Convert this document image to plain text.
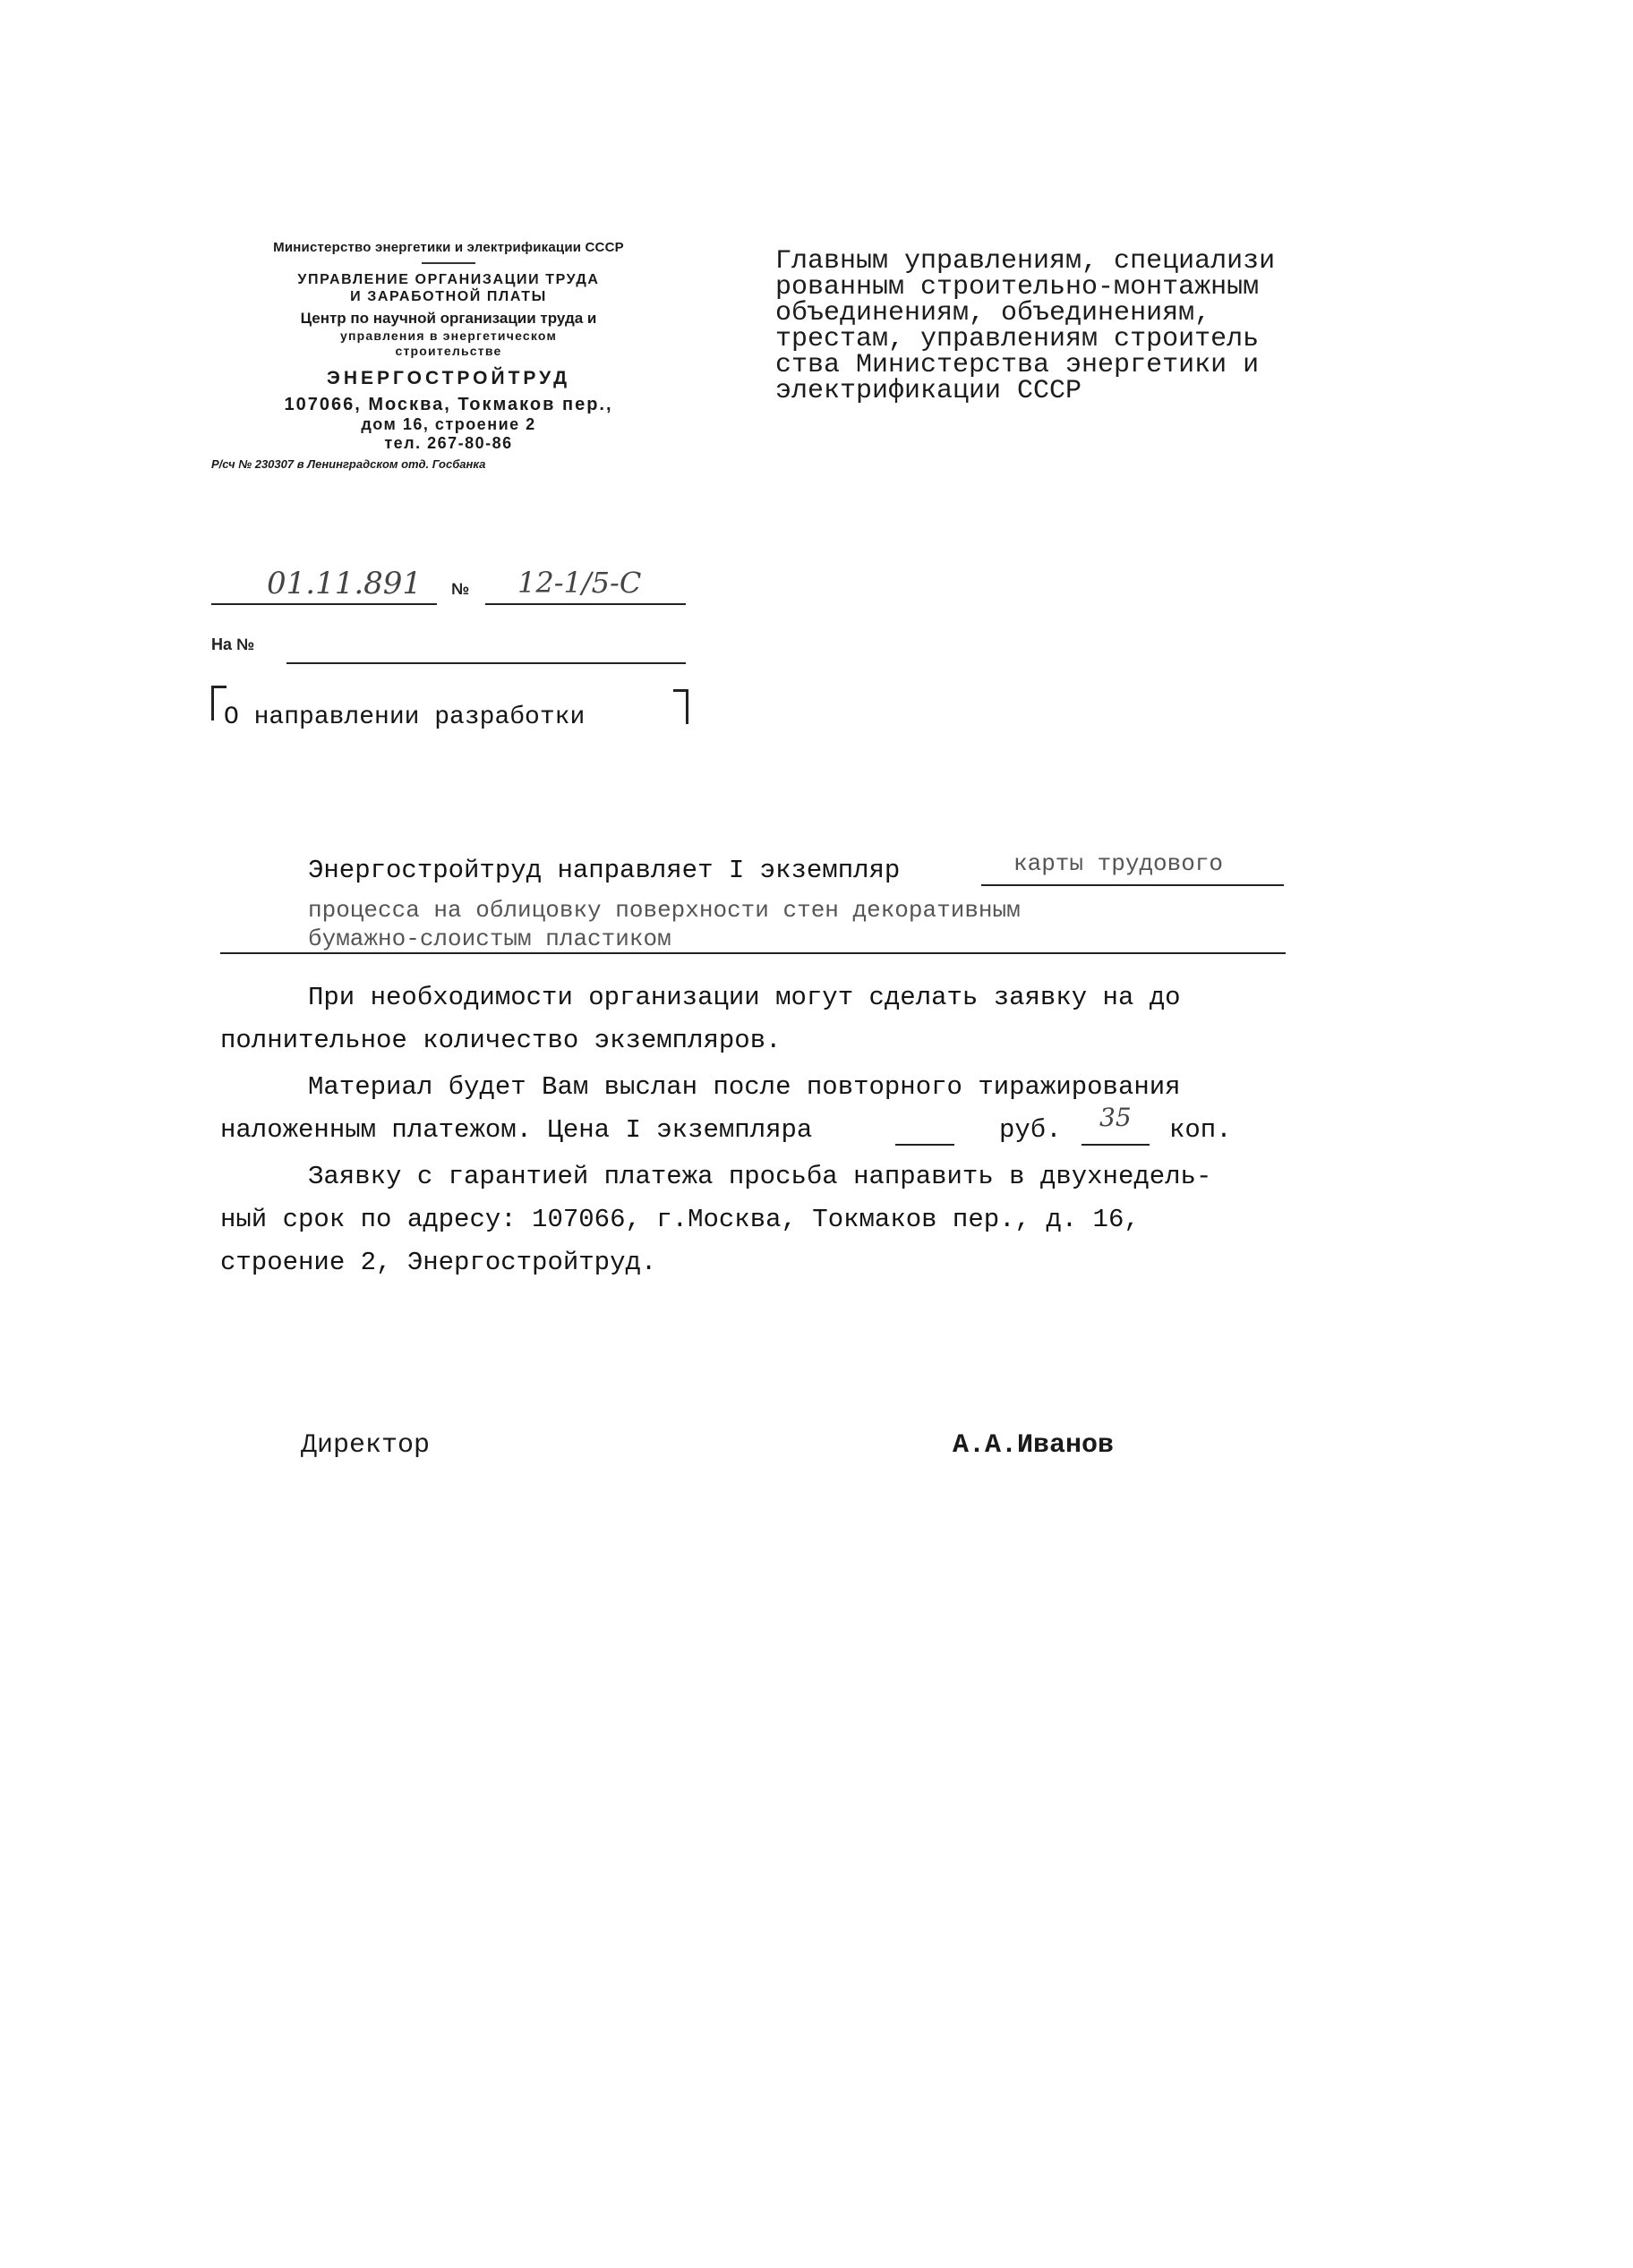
Министерство энергетики и электрификации СССР
УПРАВЛЕНИЕ ОРГАНИЗАЦИИ ТРУДА
И ЗАРАБОТНОЙ ПЛАТЫ
Центр по научной организации труда и
управления в энергетическом
строительстве
ЭНЕРГОСТРОЙТРУД
107066, Москва, Токмаков пер.,
дом 16, строение 2
тел. 267-80-86
Р/сч № 230307 в Ленинградском отд. Госбанка
01.11.891 № 12-1/5-С
На №
О направлении разработки
Главным управлениям, специализи
рованным строительно-монтажным
объединениям, объединениям,
трестам, управлениям строитель
ства Министерства энергетики и
электрификации СССР
Энергостройтруд направляет I экземпляр	карты трудового
процесса на облицовку поверхности стен декоративным
бумажно-слоистым пластиком
При необходимости организации могут сделать заявку на до
полнительное количество экземпляров.
Материал будет Вам выслан после повторного тиражирования
наложенным платежом. Цена I экземпляра	руб. 35 коп.
Заявку с гарантией платежа просьба направить в двухнедель-
ный срок по адресу: 107066, г.Москва, Токмаков пер., д. 16,
строение 2, Энергостройтруд.
Директор	А.А.Иванов
